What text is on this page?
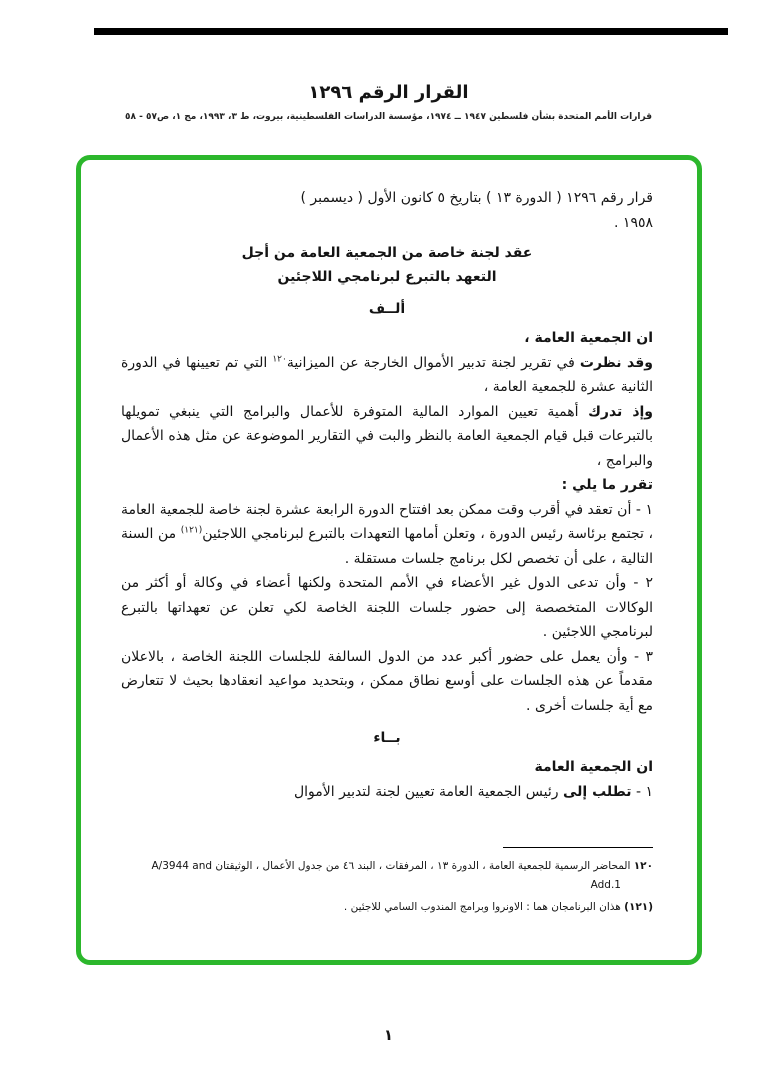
القرار الرقم ١٢٩٦
قرارات الأمم المتحدة بشأن فلسطين ١٩٤٧ ــ ١٩٧٤، مؤسسة الدراسات الفلسطينية، بيروت، ط ٣، ١٩٩٣، مج ١، ص٥٧ - ٥٨

قرار رقم ١٢٩٦ ( الدورة ١٣ ) بتاريخ ٥ كانون الأول ( ديسمبر )
١٩٥٨ .

عقد لجنة خاصة من الجمعية العامة من أجل
التعهد بالتبرع لبرنامجي اللاجئين

ألــف

ان الجمعية العامة ،

وقد نظرت في تقرير لجنة تدبير الأموال الخارجة عن الميزانية$^{١٢٠}$ التي تم تعيينها في الدورة الثانية عشرة للجمعية العامة ،

وإذ تدرك أهمية تعيين الموارد المالية المتوفرة للأعمال والبرامج التي ينبغي تمويلها بالتبرعات قبل قيام الجمعية العامة بالنظر والبت في التقارير الموضوعة عن مثل هذه الأعمال والبرامج ،

تقرر ما يلي :

١ - أن تعقد في أقرب وقت ممكن بعد افتتاح الدورة الرابعة عشرة لجنة خاصة للجمعية العامة ، تجتمع برئاسة رئيس الدورة ، وتعلن أمامها التعهدات بالتبرع لبرنامجي اللاجئين$^{(١٢١)}$ من السنة التالية ، على أن تخصص لكل برنامج جلسات مستقلة .

٢ - وأن تدعى الدول غير الأعضاء في الأمم المتحدة ولكنها أعضاء في وكالة أو أكثر من الوكالات المتخصصة إلى حضور جلسات اللجنة الخاصة لكي تعلن عن تعهداتها بالتبرع لبرنامجي اللاجئين .

٣ - وأن يعمل على حضور أكبر عدد من الدول السالفة للجلسات اللجنة الخاصة ، بالاعلان مقدماً عن هذه الجلسات على أوسع نطاق ممكن ، وبتحديد مواعيد انعقادها بحيث لا تتعارض مع أية جلسات أخرى .

بــاء

ان الجمعية العامة

١ - تطلب إلى رئيس الجمعية العامة تعيين لجنة لتدبير الأموال

١٢٠ المحاضر الرسمية للجمعية العامة ، الدورة ١٣ ، المرفقات ، البند ٤٦ من جدول الأعمال ، الوثيقتان A/3944 and Add.1

(١٢١) هذان البرنامجان هما : الاونروا وبرامج المندوب السامي للاجئين .

١
